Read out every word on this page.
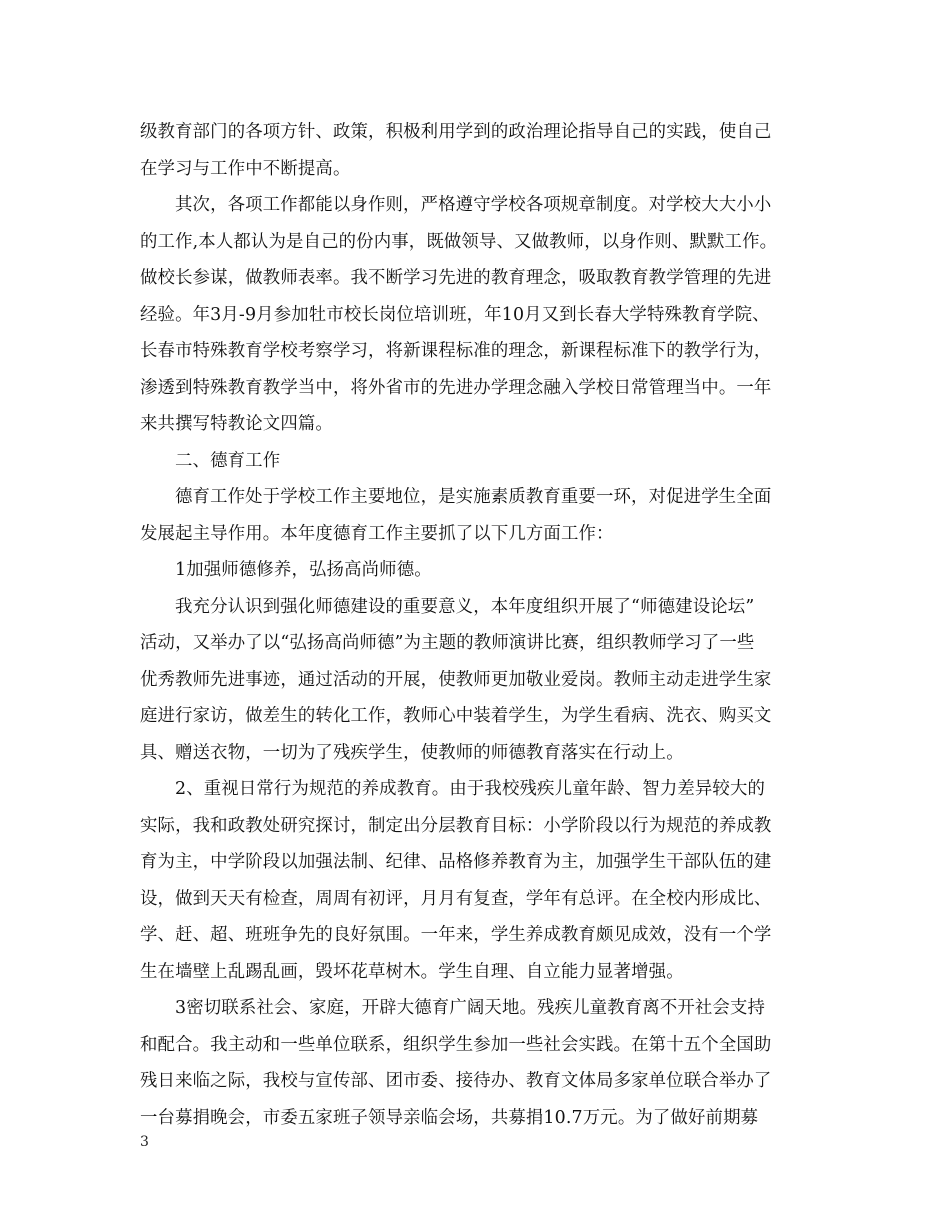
级教育部门的各项方针、政策，积极利用学到的政治理论指导自己的实践，使自己
在学习与工作中不断提高。
其次，各项工作都能以身作则，严格遵守学校各项规章制度。对学校大大小小
的工作,本人都认为是自己的份内事，既做领导、又做教师，以身作则、默默工作。
做校长参谋，做教师表率。我不断学习先进的教育理念，吸取教育教学管理的先进
经验。年3月-9月参加牡市校长岗位培训班，年10月又到长春大学特殊教育学院、
长春市特殊教育学校考察学习，将新课程标准的理念，新课程标准下的教学行为，
渗透到特殊教育教学当中，将外省市的先进办学理念融入学校日常管理当中。一年
来共撰写特教论文四篇。
二、德育工作
德育工作处于学校工作主要地位，是实施素质教育重要一环，对促进学生全面
发展起主导作用。本年度德育工作主要抓了以下几方面工作：
1加强师德修养，弘扬高尚师德。
我充分认识到强化师德建设的重要意义，本年度组织开展了“师德建设论坛”
活动，又举办了以“弘扬高尚师德”为主题的教师演讲比赛，组织教师学习了一些
优秀教师先进事迹，通过活动的开展，使教师更加敬业爱岗。教师主动走进学生家
庭进行家访，做差生的转化工作，教师心中装着学生，为学生看病、洗衣、购买文
具、赠送衣物，一切为了残疾学生，使教师的师德教育落实在行动上。
2、重视日常行为规范的养成教育。由于我校残疾儿童年龄、智力差异较大的
实际，我和政教处研究探讨，制定出分层教育目标：小学阶段以行为规范的养成教
育为主，中学阶段以加强法制、纪律、品格修养教育为主，加强学生干部队伍的建
设，做到天天有检查，周周有初评，月月有复查，学年有总评。在全校内形成比、
学、赶、超、班班争先的良好氛围。一年来，学生养成教育颇见成效，没有一个学
生在墙壁上乱踢乱画，毁坏花草树木。学生自理、自立能力显著增强。
3密切联系社会、家庭，开辟大德育广阔天地。残疾儿童教育离不开社会支持
和配合。我主动和一些单位联系，组织学生参加一些社会实践。在第十五个全国助
残日来临之际，我校与宣传部、团市委、接待办、教育文体局多家单位联合举办了
一台募捐晚会，市委五家班子领导亲临会场，共募捐10.7万元。为了做好前期募
3
